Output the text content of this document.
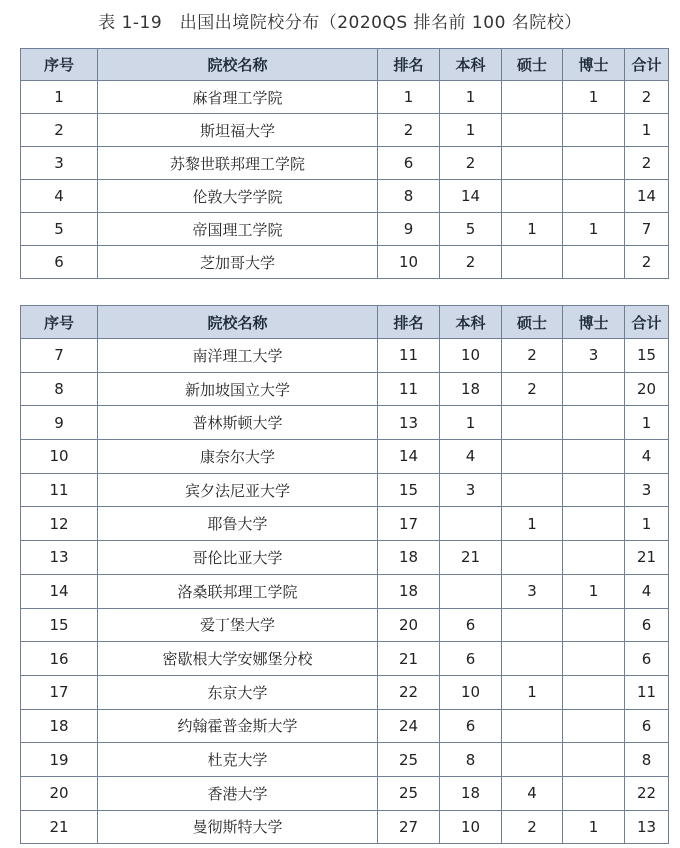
表 1-19　出国出境院校分布（2020QS 排名前 100 名院校）
序号	院校名称	排名	本科	硕士	博士	合计
1	麻省理工学院	1	1		1	2
2	斯坦福大学	2	1			1
3	苏黎世联邦理工学院	6	2			2
4	伦敦大学学院	8	14			14
5	帝国理工学院	9	5	1	1	7
6	芝加哥大学	10	2			2
序号	院校名称	排名	本科	硕士	博士	合计
7	南洋理工大学	11	10	2	3	15
8	新加坡国立大学	11	18	2		20
9	普林斯顿大学	13	1			1
10	康奈尔大学	14	4			4
11	宾夕法尼亚大学	15	3			3
12	耶鲁大学	17		1		1
13	哥伦比亚大学	18	21			21
14	洛桑联邦理工学院	18		3	1	4
15	爱丁堡大学	20	6			6
16	密歇根大学安娜堡分校	21	6			6
17	东京大学	22	10	1		11
18	约翰霍普金斯大学	24	6			6
19	杜克大学	25	8			8
20	香港大学	25	18	4		22
21	曼彻斯特大学	27	10	2	1	13
